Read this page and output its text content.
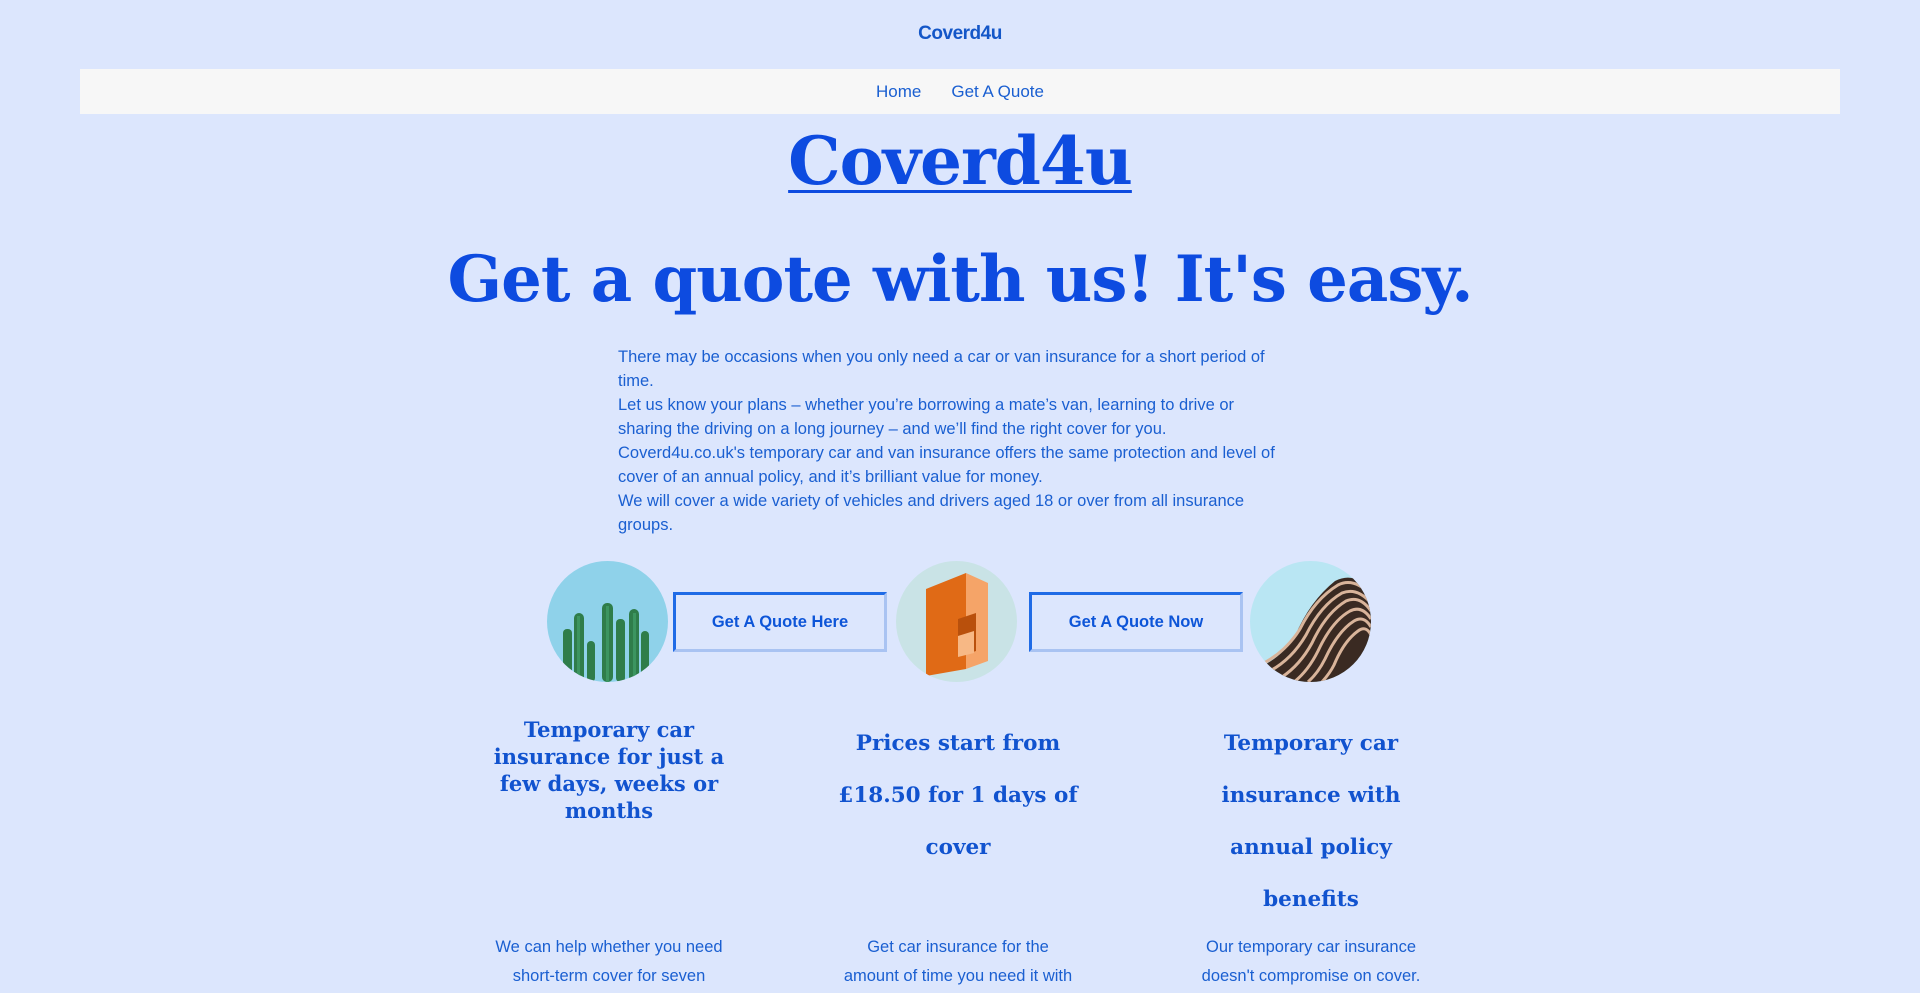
Coverd4u
Home Get A Quote
Coverd4u
Get a quote with us! It's easy.

There may be occasions when you only need a car or van insurance for a short period of time.

Let us know your plans – whether you’re borrowing a mate’s van, learning to drive or sharing the driving on a long journey – and we’ll find the right cover for you.

Coverd4u.co.uk's temporary car and van insurance offers the same protection and level of cover of an annual policy, and it’s brilliant value for money.

We will cover a wide variety of vehicles and drivers aged 18 or over from all insurance groups.

Get A Quote Here	Get A Quote Now
Temporary car insurance for just a few days, weeks or months
Prices start from £18.50 for 1 days of cover
Temporary car insurance with annual policy benefits
We can help whether you need short-term cover for seven
Get car insurance for the amount of time you need it with
Our temporary car insurance doesn't compromise on cover.
